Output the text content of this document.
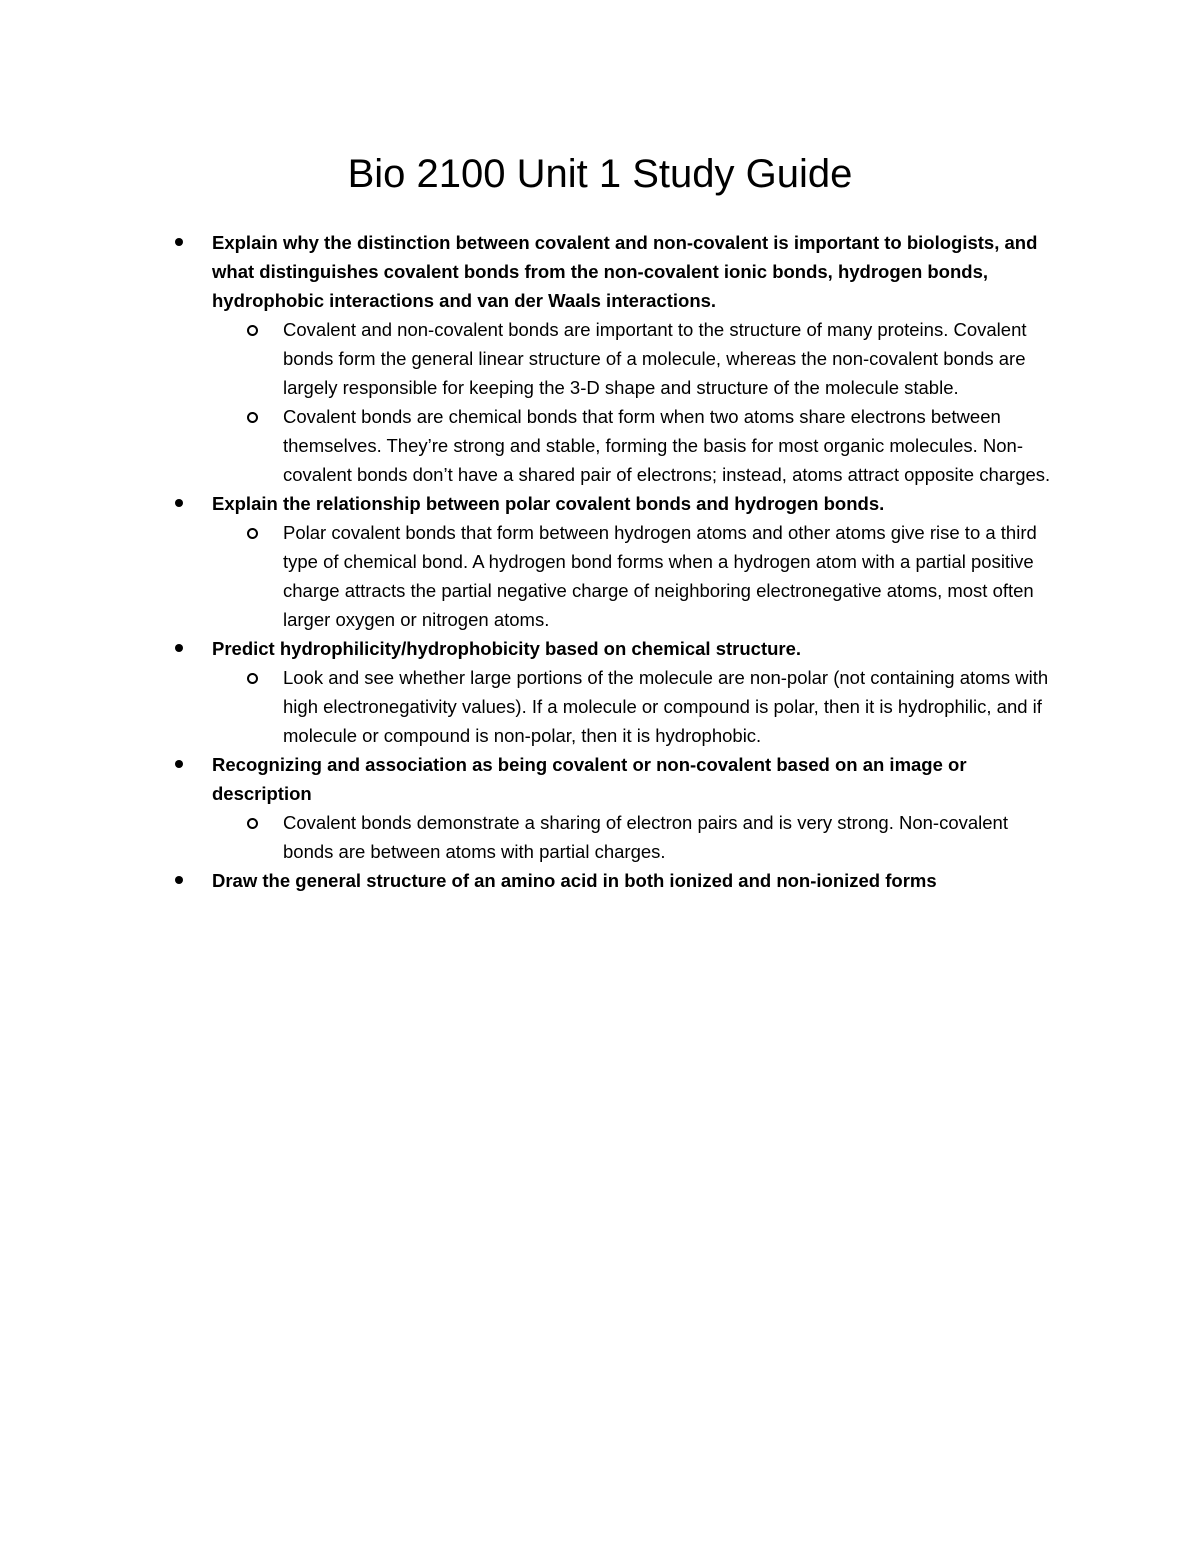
Bio 2100 Unit 1 Study Guide

Explain why the distinction between covalent and non-covalent is important to biologists, and what distinguishes covalent bonds from the non-covalent ionic bonds, hydrogen bonds, hydrophobic interactions and van der Waals interactions.

Covalent and non-covalent bonds are important to the structure of many proteins. Covalent bonds form the general linear structure of a molecule, whereas the non-covalent bonds are largely responsible for keeping the 3-D shape and structure of the molecule stable.

Covalent bonds are chemical bonds that form when two atoms share electrons between themselves. They’re strong and stable, forming the basis for most organic molecules. Non-covalent bonds don’t have a shared pair of electrons; instead, atoms attract opposite charges.

Explain the relationship between polar covalent bonds and hydrogen bonds.

Polar covalent bonds that form between hydrogen atoms and other atoms give rise to a third type of chemical bond. A hydrogen bond forms when a hydrogen atom with a partial positive charge attracts the partial negative charge of neighboring electronegative atoms, most often larger oxygen or nitrogen atoms.

Predict hydrophilicity/hydrophobicity based on chemical structure.

Look and see whether large portions of the molecule are non-polar (not containing atoms with high electronegativity values). If a molecule or compound is polar, then it is hydrophilic, and if molecule or compound is non-polar, then it is hydrophobic.

Recognizing and association as being covalent or non-covalent based on an image or description

Covalent bonds demonstrate a sharing of electron pairs and is very strong. Non-covalent bonds are between atoms with partial charges.

Draw the general structure of an amino acid in both ionized and non-ionized forms
